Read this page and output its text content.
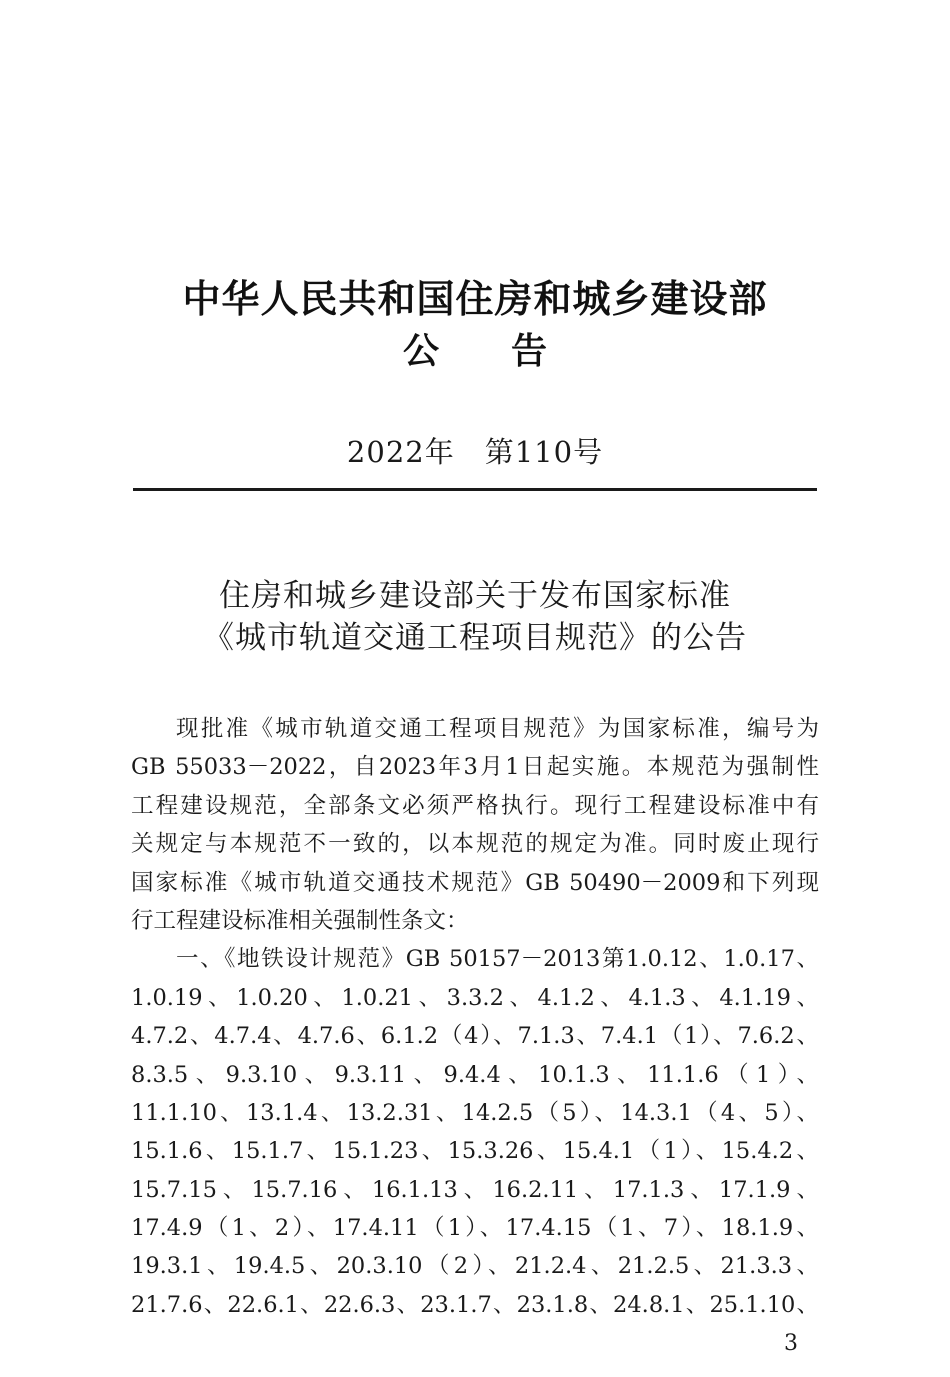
中华人民共和国住房和城乡建设部
公告
2022年　第110号
住房和城乡建设部关于发布国家标准
《城市轨道交通工程项目规范》的公告
现批准《城市轨道交通工程项目规范》为国家标准，编号为
GB 55033－2022，自2023年3月1日起实施。本规范为强制性
工程建设规范，全部条文必须严格执行。现行工程建设标准中有
关规定与本规范不一致的，以本规范的规定为准。同时废止现行
国家标准《城市轨道交通技术规范》GB 50490－2009和下列现
行工程建设标准相关强制性条文：
一、《地铁设计规范》GB 50157－2013第1.0.12、1.0.17、
1.0.19、1.0.20、1.0.21、3.3.2、4.1.2、4.1.3、4.1.19、
4.7.2、4.7.4、4.7.6、6.1.2（4）、7.1.3、7.4.1（1）、7.6.2、
8.3.5、9.3.10、9.3.11、9.4.4、10.1.3、11.1.6（1）、
11.1.10、13.1.4、13.2.31、14.2.5（5）、14.3.1（4、5）、
15.1.6、15.1.7、15.1.23、15.3.26、15.4.1（1）、15.4.2、
15.7.15、15.7.16、16.1.13、16.2.11、17.1.3、17.1.9、
17.4.9（1、2）、17.4.11（1）、17.4.15（1、7）、18.1.9、
19.3.1、19.4.5、20.3.10（2）、21.2.4、21.2.5、21.3.3、
21.7.6、22.6.1、22.6.3、23.1.7、23.1.8、24.8.1、25.1.10、
3
